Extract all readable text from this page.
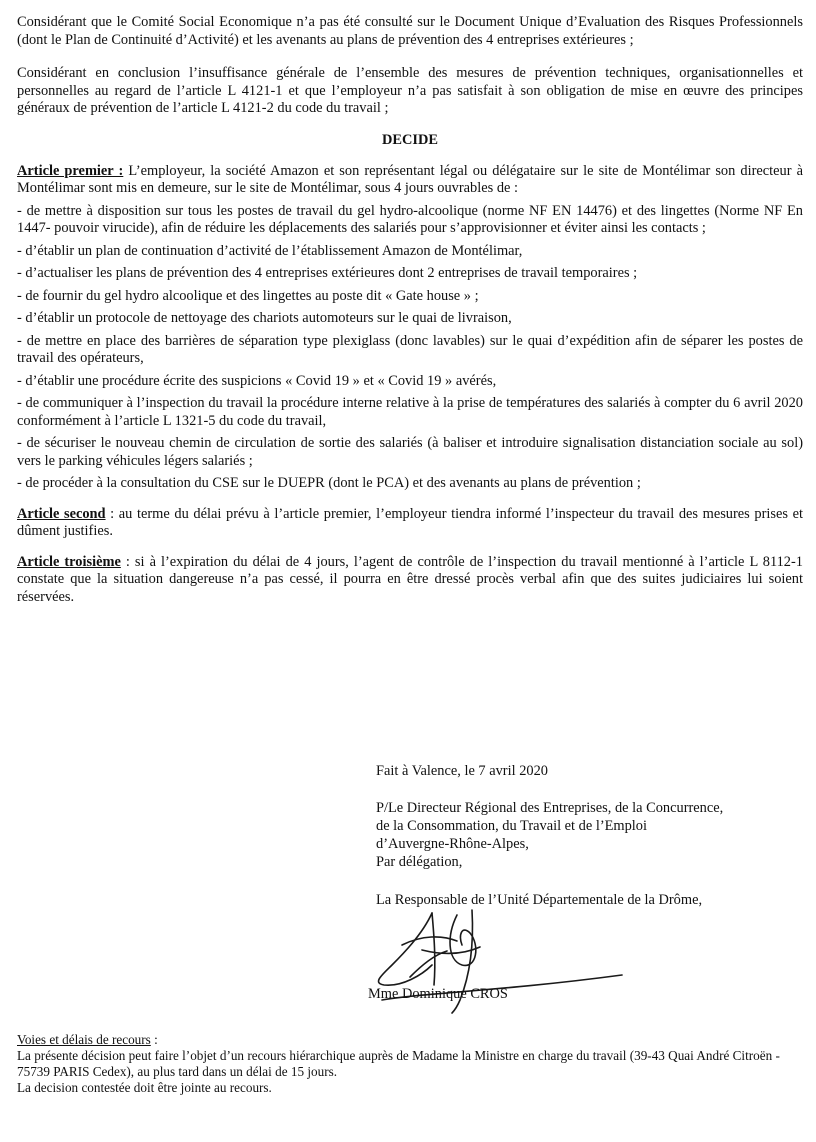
Considérant que le Comité Social Economique n’a pas été consulté sur le Document Unique d’Evaluation des Risques Professionnels (dont le Plan de Continuité d’Activité) et les avenants au plans de prévention des 4 entreprises extérieures ;

Considérant en conclusion l’insuffisance générale de l’ensemble des mesures de prévention techniques, organisationnelles et personnelles au regard de l’article L 4121-1 et que l’employeur n’a pas satisfait à son obligation de mise en œuvre des principes généraux de prévention de l’article L 4121-2 du code du travail ;

DECIDE

Article premier : L’employeur, la société Amazon et son représentant légal ou délégataire sur le site de Montélimar son directeur à Montélimar sont mis en demeure, sur le site de Montélimar, sous 4 jours ouvrables de :

- de mettre à disposition sur tous les postes de travail du gel hydro-alcoolique (norme NF EN 14476) et des lingettes (Norme NF En 1447- pouvoir virucide), afin de réduire les déplacements des salariés pour s’approvisionner et éviter ainsi les contacts ;

- d’établir un plan de continuation d’activité de l’établissement Amazon de Montélimar,

- d’actualiser les plans de prévention des 4 entreprises extérieures dont 2 entreprises de travail temporaires ;

- de fournir du gel hydro alcoolique et des lingettes au poste dit « Gate house » ;

- d’établir un protocole de nettoyage des chariots automoteurs sur le quai de livraison,

- de mettre en place des barrières de séparation type plexiglass (donc lavables) sur le quai d’expédition afin de séparer les postes de travail des opérateurs,

- d’établir une procédure écrite des suspicions « Covid 19 » et « Covid 19 » avérés,

- de communiquer à l’inspection du travail la procédure interne relative à la prise de températures des salariés à compter du 6 avril 2020 conformément à l’article L 1321-5 du code du travail,

- de sécuriser le nouveau chemin de circulation de sortie des salariés (à baliser et introduire signalisation distanciation sociale au sol) vers le parking véhicules légers salariés ;

- de procéder à la consultation du CSE sur le DUEPR (dont le PCA) et des avenants au plans de prévention ;

Article second : au terme du délai prévu à l’article premier, l’employeur tiendra informé l’inspecteur du travail des mesures prises et dûment justifies.

Article troisième : si à l’expiration du délai de 4 jours, l’agent de contrôle de l’inspection du travail mentionné à l’article L 8112-1 constate que la situation dangereuse n’a pas cessé, il pourra en être dressé procès verbal afin que des suites judiciaires lui soient réservées.

Fait à Valence, le 7 avril 2020
P/Le Directeur Régional des Entreprises, de la Concurrence,
de la Consommation, du Travail et de l’Emploi
d’Auvergne-Rhône-Alpes,
Par délégation,
La Responsable de l’Unité Départementale de la Drôme,
Mme Dominique CROS
Voies et délais de recours :
La présente décision peut faire l’objet d’un recours hiérarchique auprès de Madame la Ministre en charge du travail (39-43 Quai André Citroën - 75739 PARIS Cedex), au plus tard dans un délai de 15 jours.
La decision contestée doit être jointe au recours.
